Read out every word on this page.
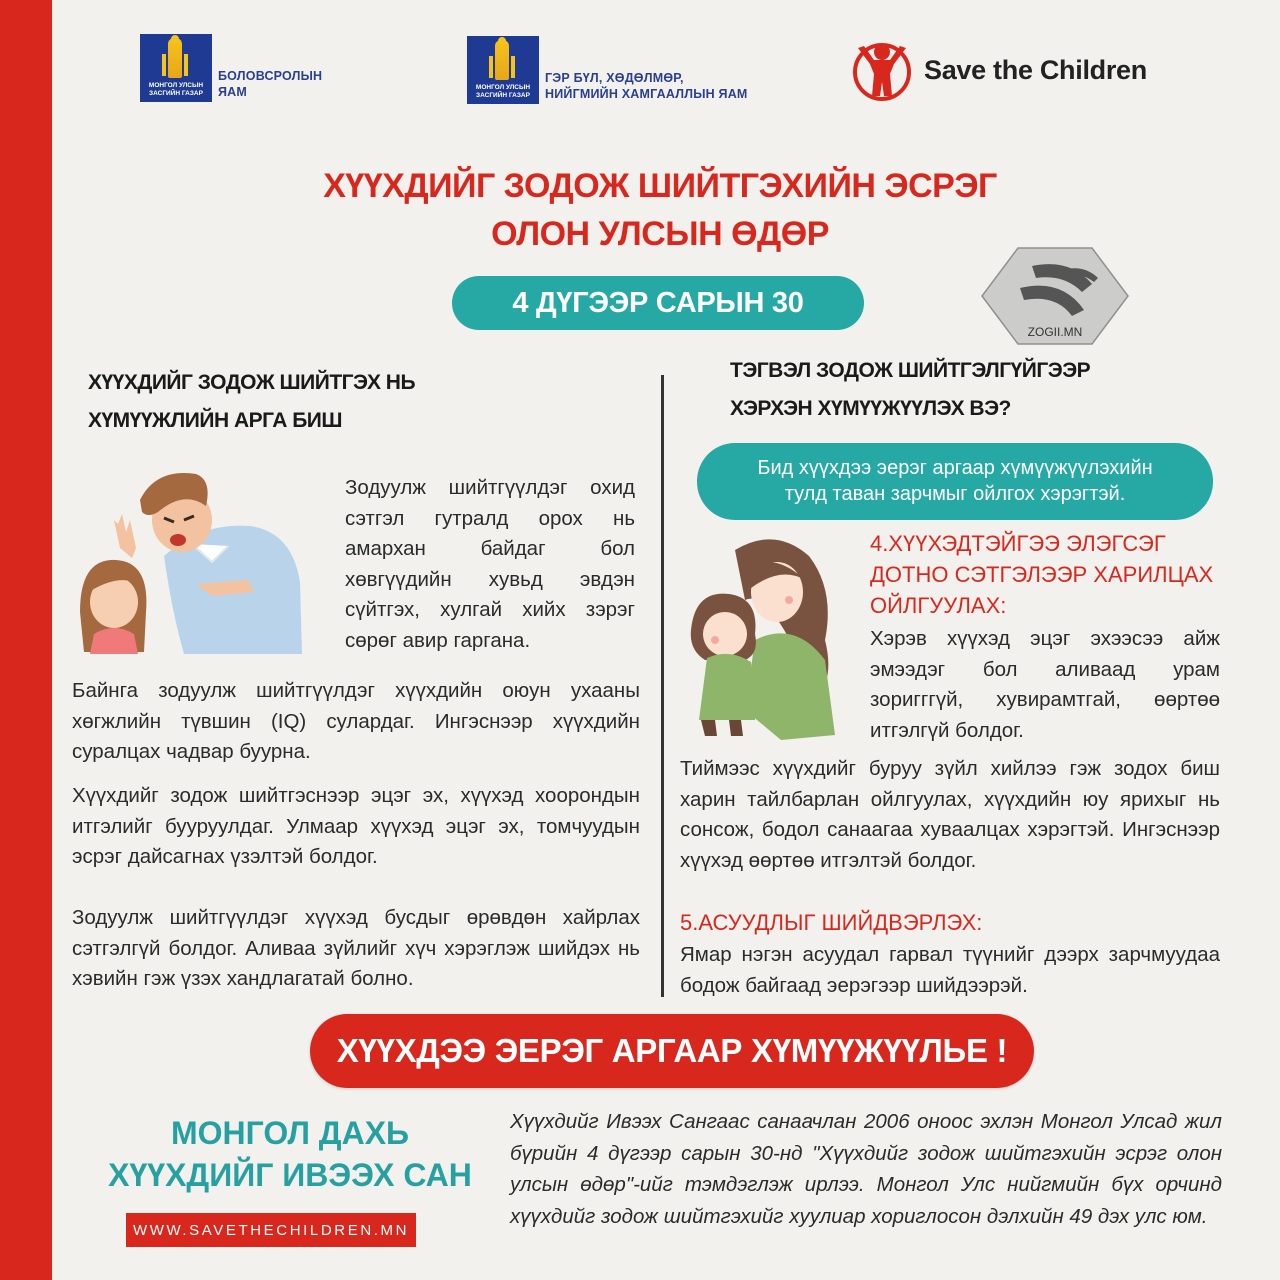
МОНГОЛ УЛСЫН ЗАСГИЙН ГАЗАР
БОЛОВСРОЛЫН
ЯАМ	МОНГОЛ УЛСЫН ЗАСГИЙН ГАЗАР
ГЭР БҮЛ, ХӨДӨЛМӨР,
НИЙГМИЙН ХАМГААЛЛЫН ЯАМ
Save the Children
ХҮҮХДИЙГ ЗОДОЖ ШИЙТГЭХИЙН ЭСРЭГ
ОЛОН УЛСЫН ӨДӨР
4 ДҮГЭЭР САРЫН 30
ZOGII.MN
ХҮҮХДИЙГ ЗОДОЖ ШИЙТГЭХ НЬ
ХҮМҮҮЖЛИЙН АРГА БИШ
Зодуулж шийтгүүлдэг охид сэтгэл гутралд орох нь амархан байдаг бол хөвгүүдийн хувьд эвдэн сүйтгэх, хулгай хийх зэрэг сөрөг авир гаргана.
Байнга зодуулж шийтгүүлдэг хүүхдийн оюун ухааны хөгжлийн түвшин (IQ) сулардаг. Ингэснээр хүүхдийн суралцах чадвар буурна.
Хүүхдийг зодож шийтгэснээр эцэг эх, хүүхэд хоорондын итгэлийг бууруулдаг. Улмаар хүүхэд эцэг эх, томчуудын эсрэг дайсагнах үзэлтэй болдог.
Зодуулж шийтгүүлдэг хүүхэд бусдыг өрөвдөн хайрлах сэтгэлгүй болдог. Аливаа зүйлийг хүч хэрэглэж шийдэх нь хэвийн гэж үзэх хандлагатай болно.
ТЭГВЭЛ ЗОДОЖ ШИЙТГЭЛГҮЙГЭЭР
ХЭРХЭН ХҮМҮҮЖҮҮЛЭХ ВЭ?
Бид хүүхдээ эерэг аргаар хүмүүжүүлэхийн
тулд таван зарчмыг ойлгох хэрэгтэй.
4.ХҮҮХЭДТЭЙГЭЭ ЭЛЭГСЭГ ДОТНО СЭТГЭЛЭЭР ХАРИЛЦАХ ОЙЛГУУЛАХ:
Хэрэв хүүхэд эцэг эхээсээ айж эмээдэг бол аливаад урам зоригггүй, хувирамтгай, өөртөө итгэлгүй болдог.
Тиймээс хүүхдийг буруу зүйл хийлээ гэж зодох биш харин тайлбарлан ойлгуулах, хүүхдийн юу ярихыг нь сонсож, бодол санаагаа хуваалцах хэрэгтэй. Ингэснээр хүүхэд өөртөө итгэлтэй болдог.
5.АСУУДЛЫГ ШИЙДВЭРЛЭХ:
Ямар нэгэн асуудал гарвал түүнийг дээрх зарчмуудаа бодож байгаад эерэгээр шийдээрэй.
ХҮҮХДЭЭ ЭЕРЭГ АРГААР ХҮМҮҮЖҮҮЛЬЕ !
МОНГОЛ ДАХЬ
ХҮҮХДИЙГ ИВЭЭХ САН
WWW.SAVETHECHILDREN.MN
Хүүхдийг Ивээх Сангаас санаачлан 2006 оноос эхлэн Монгол Улсад жил бүрийн 4 дүгээр сарын 30-нд "Хүүхдийг зодож шийтгэхийн эсрэг олон улсын өдөр"-ийг тэмдэглэж ирлээ. Монгол Улс нийгмийн бүх орчинд хүүхдийг зодож шийтгэхийг хуулиар хориглосон дэлхийн 49 дэх улс юм.
